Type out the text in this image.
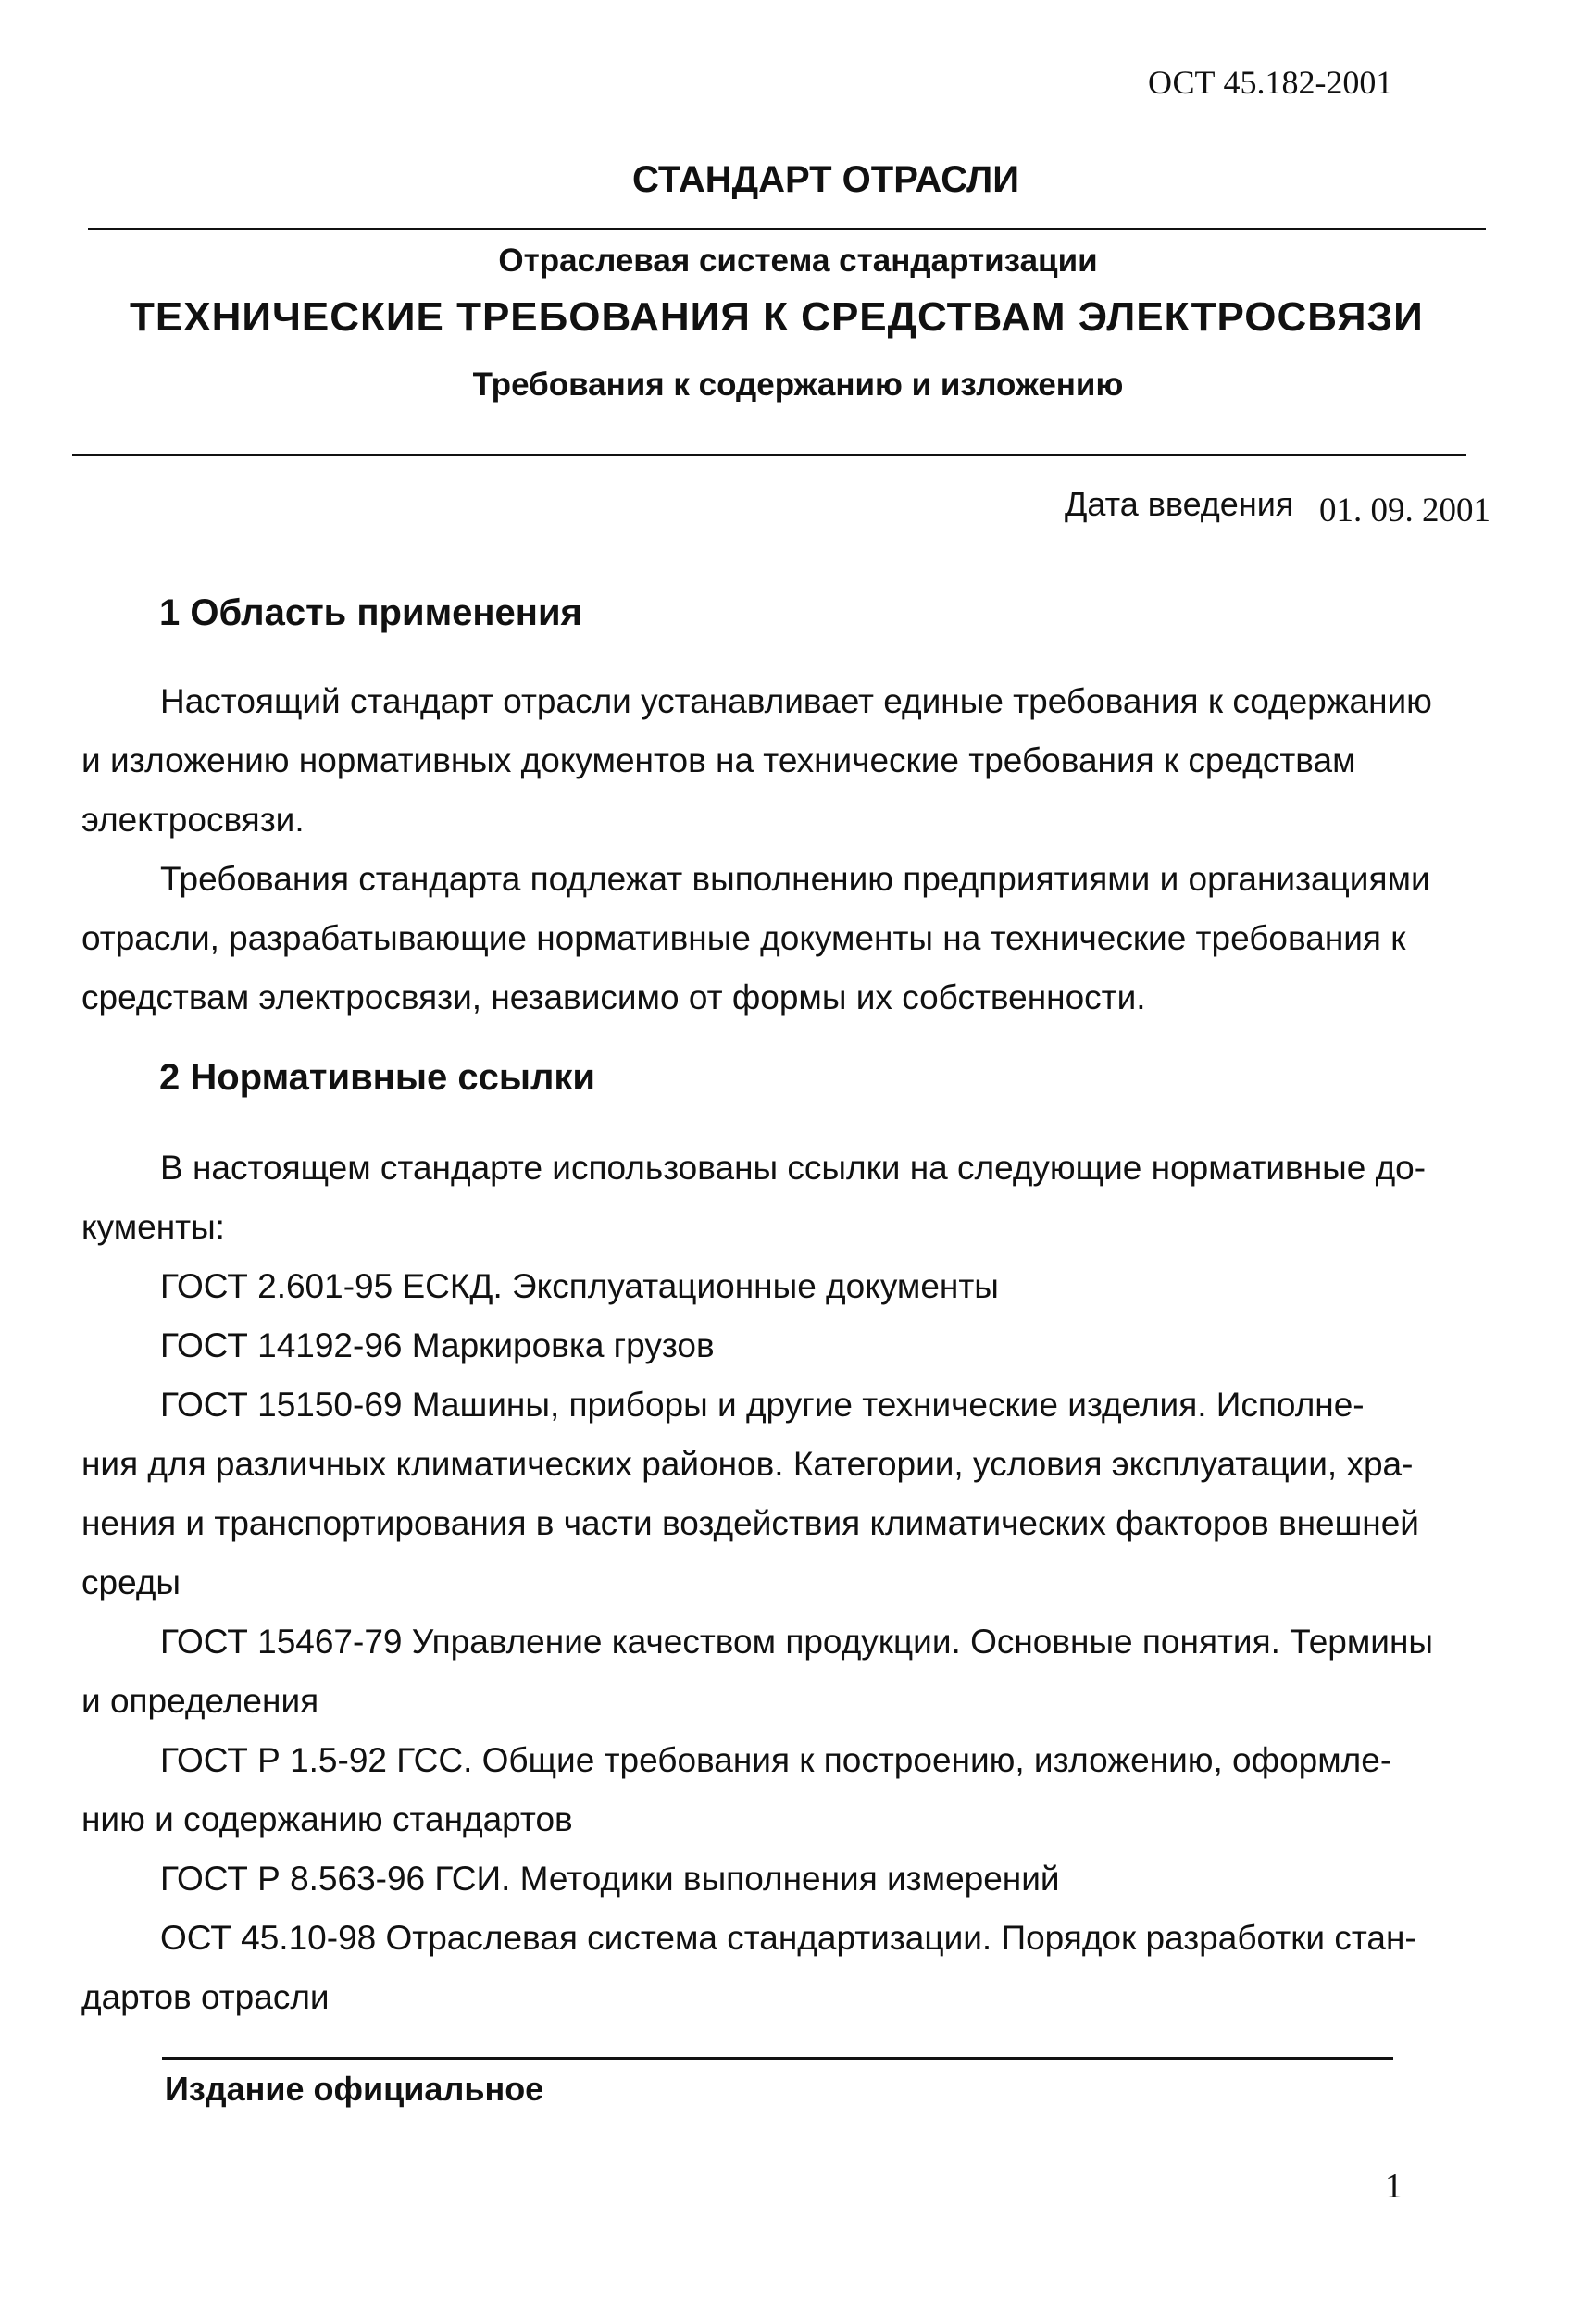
ОСТ 45.182-2001
СТАНДАРТ ОТРАСЛИ
Отраслевая система стандартизации
ТЕХНИЧЕСКИЕ ТРЕБОВАНИЯ К СРЕДСТВАМ ЭЛЕКТРОСВЯЗИ
Требования к содержанию и изложению
Дата введения 01. 09. 2001
1 Область применения
Настоящий стандарт отрасли устанавливает единые требования к содержанию
и изложению нормативных документов на технические требования к средствам
электросвязи.
Требования стандарта подлежат выполнению предприятиями и организациями
отрасли, разрабатывающие нормативные документы на технические требования к
средствам электросвязи, независимо от формы их собственности.
2 Нормативные ссылки
В настоящем стандарте использованы ссылки на следующие нормативные до-
кументы:
ГОСТ 2.601-95 ЕСКД. Эксплуатационные документы
ГОСТ 14192-96 Маркировка грузов
ГОСТ 15150-69 Машины, приборы и другие технические изделия. Исполне-
ния для различных климатических районов. Категории, условия эксплуатации, хра-
нения и транспортирования в части воздействия климатических факторов внешней
среды
ГОСТ 15467-79 Управление качеством продукции. Основные понятия. Термины
и определения
ГОСТ Р 1.5-92 ГСС. Общие требования к построению, изложению, оформле-
нию и содержанию стандартов
ГОСТ Р 8.563-96 ГСИ. Методики выполнения измерений
ОСТ 45.10-98 Отраслевая система стандартизации. Порядок разработки стан-
дартов отрасли
Издание официальное
1
